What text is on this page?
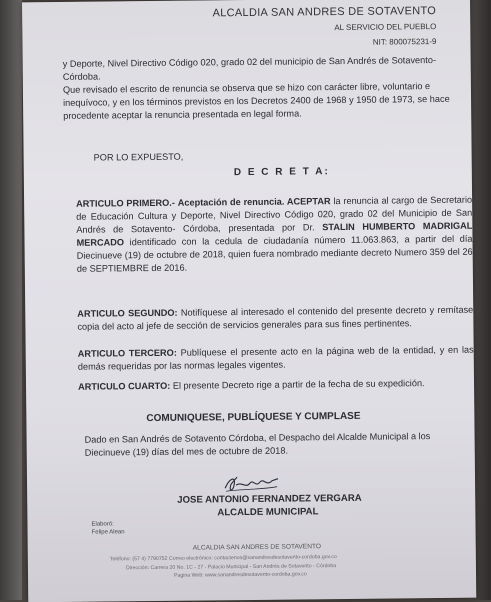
ALCALDIA SAN ANDRES DE SOTAVENTO
AL SERVICIO DEL PUEBLO
NIT: 800075231-9

y Deporte, Nivel Directivo Código 020, grado 02 del municipio de San Andrés de Sotavento- Córdoba.

Que revisado el escrito de renuncia se observa que se hizo con carácter libre, voluntario e inequívoco, y en los términos previstos en los Decretos 2400 de 1968 y 1950 de 1973, se hace procedente aceptar la renuncia presentada en legal forma.

POR LO EXPUESTO,

D E C R E T A:

ARTICULO PRIMERO.- Aceptación de renuncia. ACEPTAR la renuncia al cargo de Secretario de Educación Cultura y Deporte, Nivel Directivo Código 020, grado 02 del Municipio de San Andrés de Sotavento- Córdoba, presentada por Dr. STALIN HUMBERTO MADRIGAL MERCADO identificado con la cedula de ciudadanía número 11.063.863, a partir del día Diecinueve (19) de octubre de 2018, quien fuera nombrado mediante decreto Numero 359 del 26 de SEPTIEMBRE de 2016.

ARTICULO SEGUNDO: Notifíquese al interesado el contenido del presente decreto y remítase copia del acto al jefe de sección de servicios generales para sus fines pertinentes.

ARTICULO TERCERO: Publíquese el presente acto en la página web de la entidad, y en las demás requeridas por las normas legales vigentes.

ARTICULO CUARTO: El presente Decreto rige a partir de la fecha de su expedición.

COMUNIQUESE, PUBLÍQUESE Y CUMPLASE

Dado en San Andrés de Sotavento Córdoba, el Despacho del Alcalde Municipal a los Diecinueve (19) días del mes de octubre de 2018.

JOSE ANTONIO FERNANDEZ VERGARA

ALCALDE MUNICIPAL

Elaboró:
Felipe Alean
ALCALDIA SAN ANDRES DE SOTAVENTO
Teléfono: (57 4) 7790752 Correo electrónico: contactenos@sanandresdesotavento-cordoba.gov.co
Dirección: Carrera 20 No. 1C - 27 - Palacio Municipal - San Andrés de Sotavento - Córdoba
Pagina Web: www.sanandresdesotavento-cordoba.gov.co
